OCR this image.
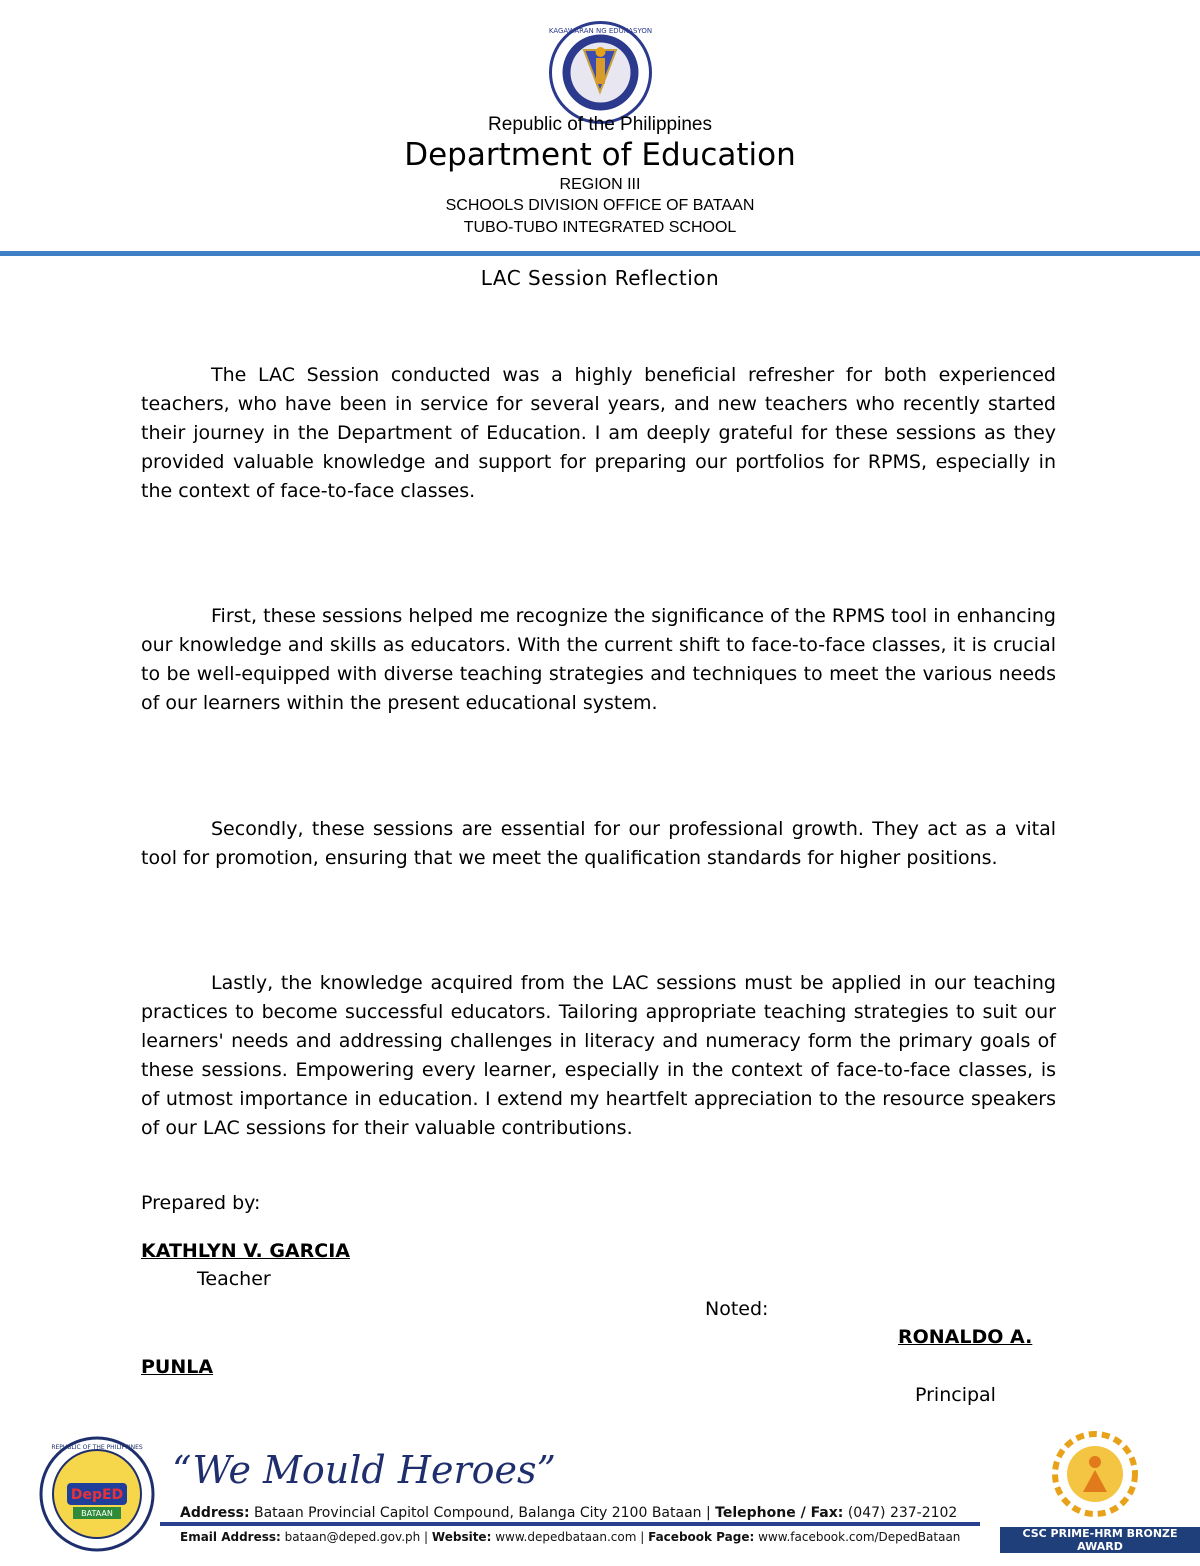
KAGAWARAN NG EDUKASYON
Republic of the Philippines
Department of Education
REGION III
SCHOOLS DIVISION OFFICE OF BATAAN
TUBO-TUBO INTEGRATED SCHOOL
LAC Session Reflection
The LAC Session conducted was a highly beneficial refresher for both experienced teachers, who have been in service for several years, and new teachers who recently started their journey in the Department of Education. I am deeply grateful for these sessions as they provided valuable knowledge and support for preparing our portfolios for RPMS, especially in the context of face-to-face classes.
First, these sessions helped me recognize the significance of the RPMS tool in enhancing our knowledge and skills as educators. With the current shift to face-to-face classes, it is crucial to be well-equipped with diverse teaching strategies and techniques to meet the various needs of our learners within the present educational system.
Secondly, these sessions are essential for our professional growth. They act as a vital tool for promotion, ensuring that we meet the qualification standards for higher positions.
Lastly, the knowledge acquired from the LAC sessions must be applied in our teaching practices to become successful educators. Tailoring appropriate teaching strategies to suit our learners' needs and addressing challenges in literacy and numeracy form the primary goals of these sessions. Empowering every learner, especially in the context of face-to-face classes, is of utmost importance in education. I extend my heartfelt appreciation to the resource speakers of our LAC sessions for their valuable contributions.
Prepared by:
KATHLYN V. GARCIA
Teacher
Noted:
RONALDO A.
PUNLA
Principal
DepED
BATAAN
REPUBLIC OF THE PHILIPPINES
“We Mould Heroes”
Address: Bataan Provincial Capitol Compound, Balanga City 2100 Bataan | Telephone / Fax: (047) 237-2102
Email Address: bataan@deped.gov.ph | Website: www.depedbataan.com | Facebook Page: www.facebook.com/DepedBataan	CSC PRIME-HRM BRONZE AWARD
CSC Resolution No. 2001100
